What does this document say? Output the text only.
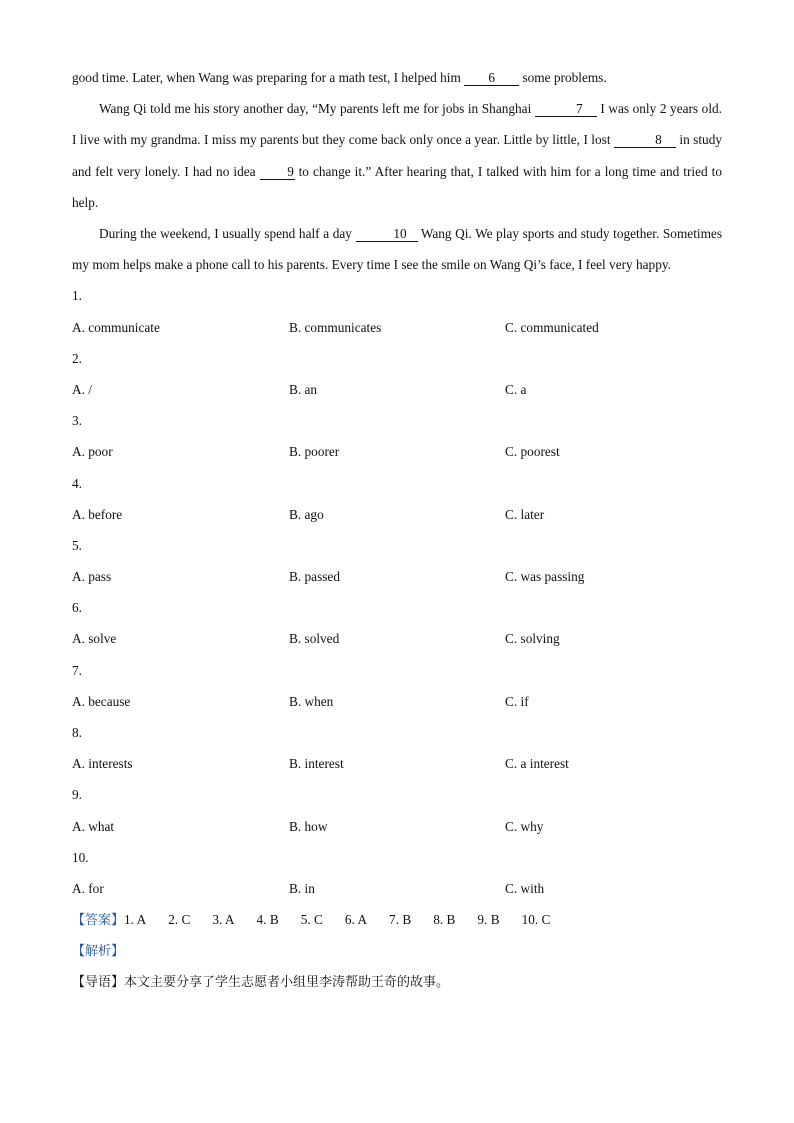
good time. Later, when Wang was preparing for a math test, I helped him 6 some problems.

Wang Qi told me his story another day, “My parents left me for jobs in Shanghai	7 I was only 2 years old. I live with my grandma. I miss my parents but they come back only once a year. Little by little, I lost	8 in study and felt very lonely. I had no idea 9 to change it.” After hearing that, I talked with him for a long time and tried to help.

During the weekend, I usually spend half a day	10 Wang Qi. We play sports and study together. Sometimes my mom helps make a phone call to his parents. Every time I see the smile on Wang Qi’s face, I feel very happy.

1.
A. communicate	B. communicates	C. communicated
2.
A. /	B. an	C. a
3.
A. poor	B. poorer	C. poorest
4.
A. before	B. ago	C. later
5.
A. pass	B. passed	C. was passing
6.
A. solve	B. solved	C. solving
7.
A. because	B. when	C. if
8.
A. interests	B. interest	C. a interest
9.
A. what	B. how	C. why
10.
A. for	B. in	C. with
【答案】1. A 2. C 3. A 4. B 5. C 6. A 7. B 8. B 9. B 10. C
【解析】
【导语】本文主要分享了学生志愿者小组里李涛帮助王奇的故事。
